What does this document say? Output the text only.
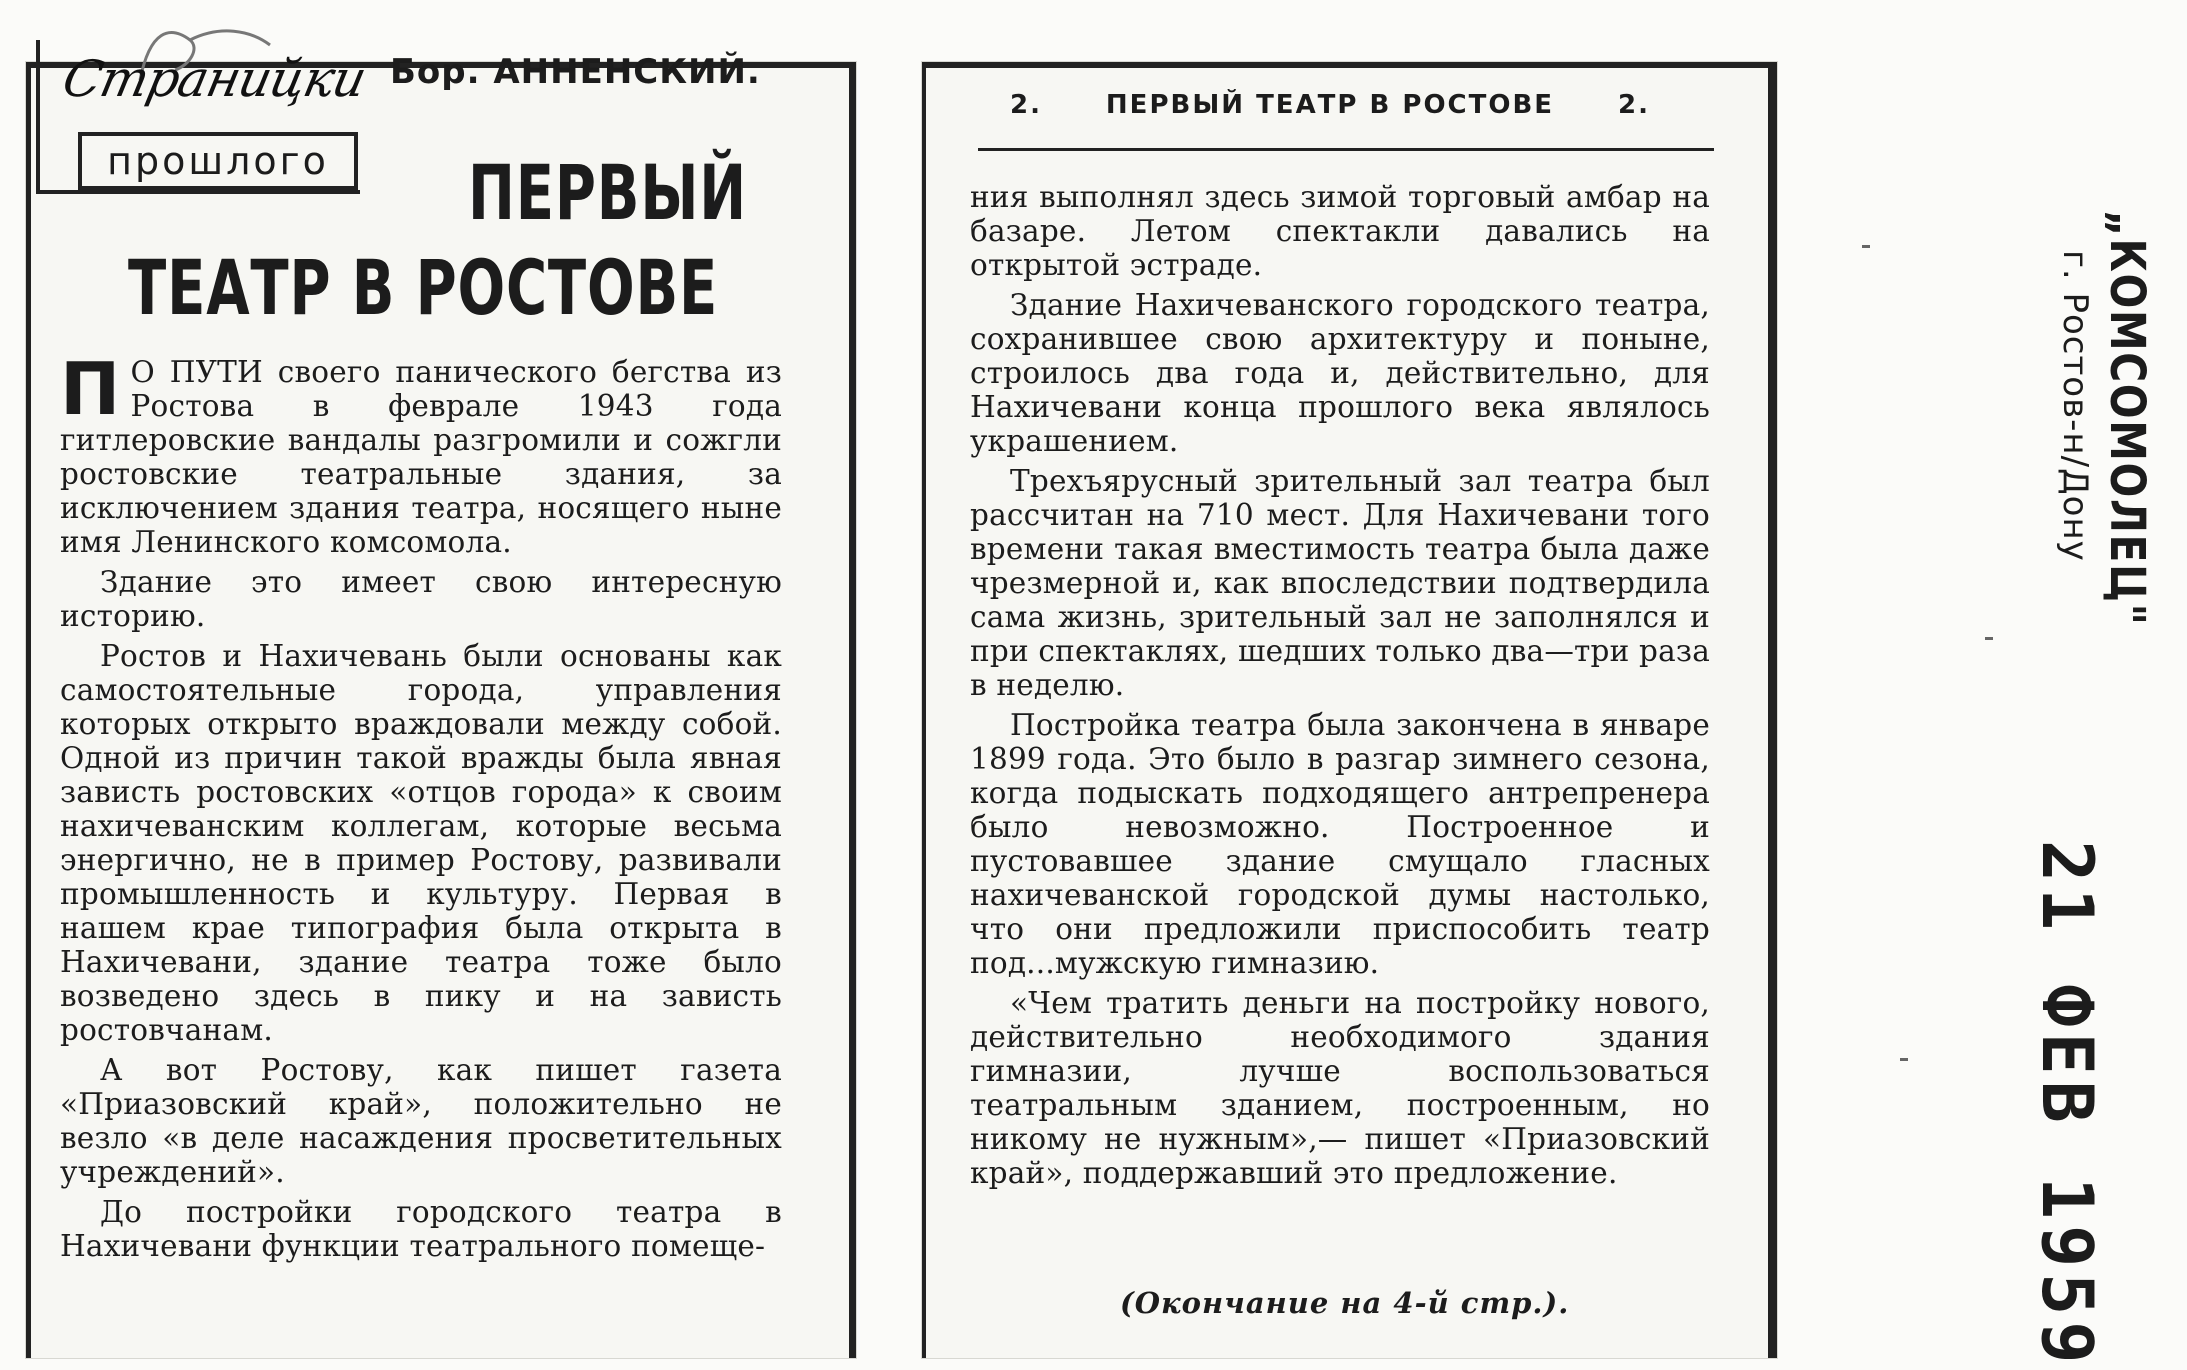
Страниц̆ки
прошлого
Бор. АННЕНСКИЙ.
ПЕРВЫЙ
ТЕАТР В РОСТОВЕ

П О ПУТИ своего панического бегства из Ростова в феврале 1943 года гитлеровские вандалы разгромили и сожгли ростовские театральные здания, за исключением здания театра, носящего ныне имя Ленинского комсомола.

Здание это имеет свою интересную историю.

Ростов и Нахичевань были основаны как самостоятельные города, управления которых открыто враждовали между собой. Одной из причин такой вражды была явная зависть ростовских «отцов города» к своим нахичеванским коллегам, которые весьма энергично, не в пример Ростову, развивали промышленность и культуру. Первая в нашем крае типография была открыта в Нахичевани, здание театра тоже было возведено здесь в пику и на зависть ростовчанам.

А вот Ростову, как пишет газета «Приазовский край», положительно не везло «в деле насаждения просветительных учреждений».

До постройки городского театра в Нахичевани функции театрального помеще-

2. ПЕРВЫЙ ТЕАТР В РОСТОВЕ 2.

ния выполнял здесь зимой торговый амбар на базаре. Летом спектакли давались на открытой эстраде.

Здание Нахичеванского городского театра, сохранившее свою архитектуру и поныне, строилось два года и, действительно, для Нахичевани конца прошлого века являлось украшением.

Трехъярусный зрительный зал театра был рассчитан на 710 мест. Для Нахичевани того времени такая вместимость театра была даже чрезмерной и, как впоследствии подтвердила сама жизнь, зрительный зал не заполнялся и при спектаклях, шедших только два—три раза в неделю.

Постройка театра была закончена в январе 1899 года. Это было в разгар зимнего сезона, когда подыскать подходящего антрепренера было невозможно. Построенное и пустовавшее здание смущало гласных нахичеванской городской думы настолько, что они предложили приспособить театр под...мужскую гимназию.

«Чем тратить деньги на постройку нового, действительно необходимого здания гимназии, лучше воспользоваться театральным зданием, построенным, но никому не нужным»,— пишет «Приазовский край», поддержавший это предложение.

(Окончание на 4-й стр.).
„КОМСОМОЛЕЦ"
г. Ростов-н/Дону
21 ФЕВ 1959
